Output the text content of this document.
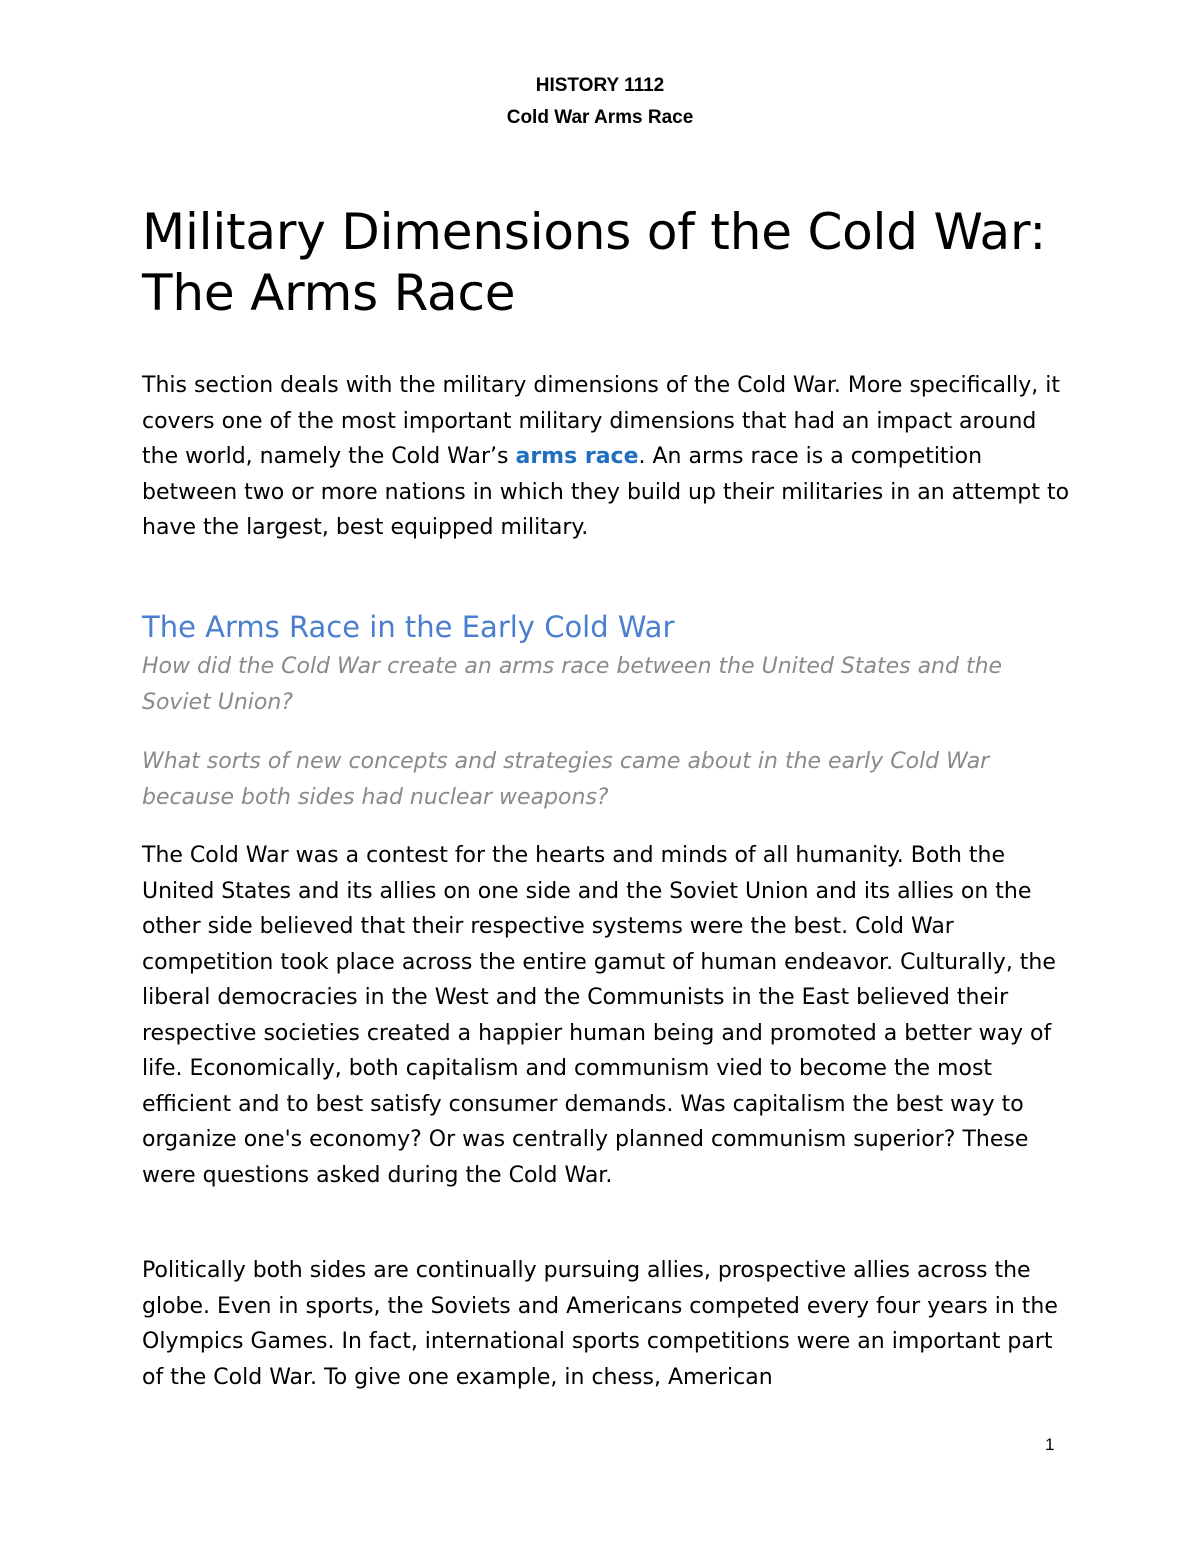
HISTORY 1112
Cold War Arms Race
Military Dimensions of the Cold War: The Arms Race

This section deals with the military dimensions of the Cold War. More specifically, it covers one of the most important military dimensions that had an impact around the world, namely the Cold War’s arms race. An arms race is a competition between two or more nations in which they build up their militaries in an attempt to have the largest, best equipped military.

The Arms Race in the Early Cold War

How did the Cold War create an arms race between the United States and the Soviet Union?

What sorts of new concepts and strategies came about in the early Cold War because both sides had nuclear weapons?

The Cold War was a contest for the hearts and minds of all humanity. Both the United States and its allies on one side and the Soviet Union and its allies on the other side believed that their respective systems were the best. Cold War competition took place across the entire gamut of human endeavor. Culturally, the liberal democracies in the West and the Communists in the East believed their respective societies created a happier human being and promoted a better way of life. Economically, both capitalism and communism vied to become the most efficient and to best satisfy consumer demands. Was capitalism the best way to organize one's economy? Or was centrally planned communism superior? These were questions asked during the Cold War.

Politically both sides are continually pursuing allies, prospective allies across the globe. Even in sports, the Soviets and Americans competed every four years in the Olympics Games. In fact, international sports competitions were an important part of the Cold War. To give one example, in chess, American

1
